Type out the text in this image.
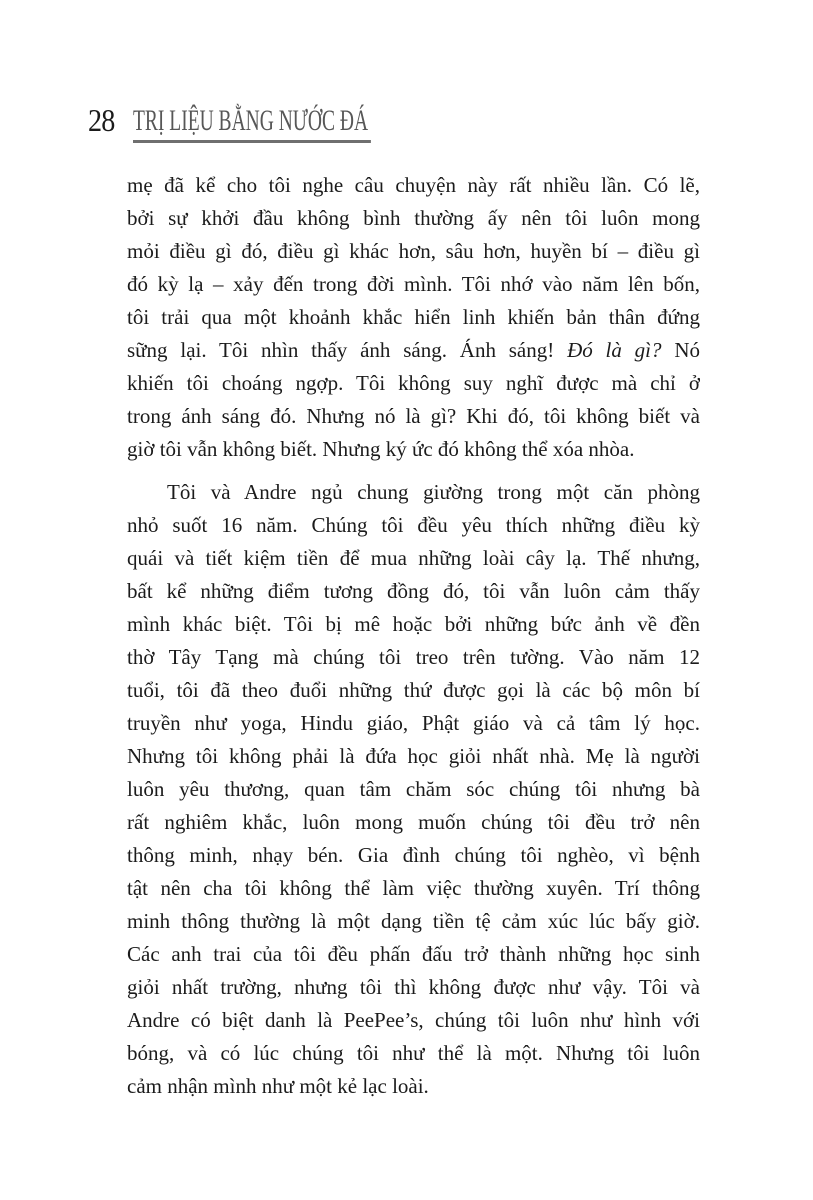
28 TRỊ LIỆU BẰNG NƯỚC ĐÁ
mẹ đã kể cho tôi nghe câu chuyện này rất nhiều lần. Có lẽ,
bởi sự khởi đầu không bình thường ấy nên tôi luôn mong
mỏi điều gì đó, điều gì khác hơn, sâu hơn, huyền bí – điều gì
đó kỳ lạ – xảy đến trong đời mình. Tôi nhớ vào năm lên bốn,
tôi trải qua một khoảnh khắc hiển linh khiến bản thân đứng
sững lại. Tôi nhìn thấy ánh sáng. Ánh sáng! Đó là gì? Nó
khiến tôi choáng ngợp. Tôi không suy nghĩ được mà chỉ ở
trong ánh sáng đó. Nhưng nó là gì? Khi đó, tôi không biết và
giờ tôi vẫn không biết. Nhưng ký ức đó không thể xóa nhòa.
Tôi và Andre ngủ chung giường trong một căn phòng
nhỏ suốt 16 năm. Chúng tôi đều yêu thích những điều kỳ
quái và tiết kiệm tiền để mua những loài cây lạ. Thế nhưng,
bất kể những điểm tương đồng đó, tôi vẫn luôn cảm thấy
mình khác biệt. Tôi bị mê hoặc bởi những bức ảnh về đền
thờ Tây Tạng mà chúng tôi treo trên tường. Vào năm 12
tuổi, tôi đã theo đuổi những thứ được gọi là các bộ môn bí
truyền như yoga, Hindu giáo, Phật giáo và cả tâm lý học.
Nhưng tôi không phải là đứa học giỏi nhất nhà. Mẹ là người
luôn yêu thương, quan tâm chăm sóc chúng tôi nhưng bà
rất nghiêm khắc, luôn mong muốn chúng tôi đều trở nên
thông minh, nhạy bén. Gia đình chúng tôi nghèo, vì bệnh
tật nên cha tôi không thể làm việc thường xuyên. Trí thông
minh thông thường là một dạng tiền tệ cảm xúc lúc bấy giờ.
Các anh trai của tôi đều phấn đấu trở thành những học sinh
giỏi nhất trường, nhưng tôi thì không được như vậy. Tôi và
Andre có biệt danh là PeePee’s, chúng tôi luôn như hình với
bóng, và có lúc chúng tôi như thể là một. Nhưng tôi luôn
cảm nhận mình như một kẻ lạc loài.
